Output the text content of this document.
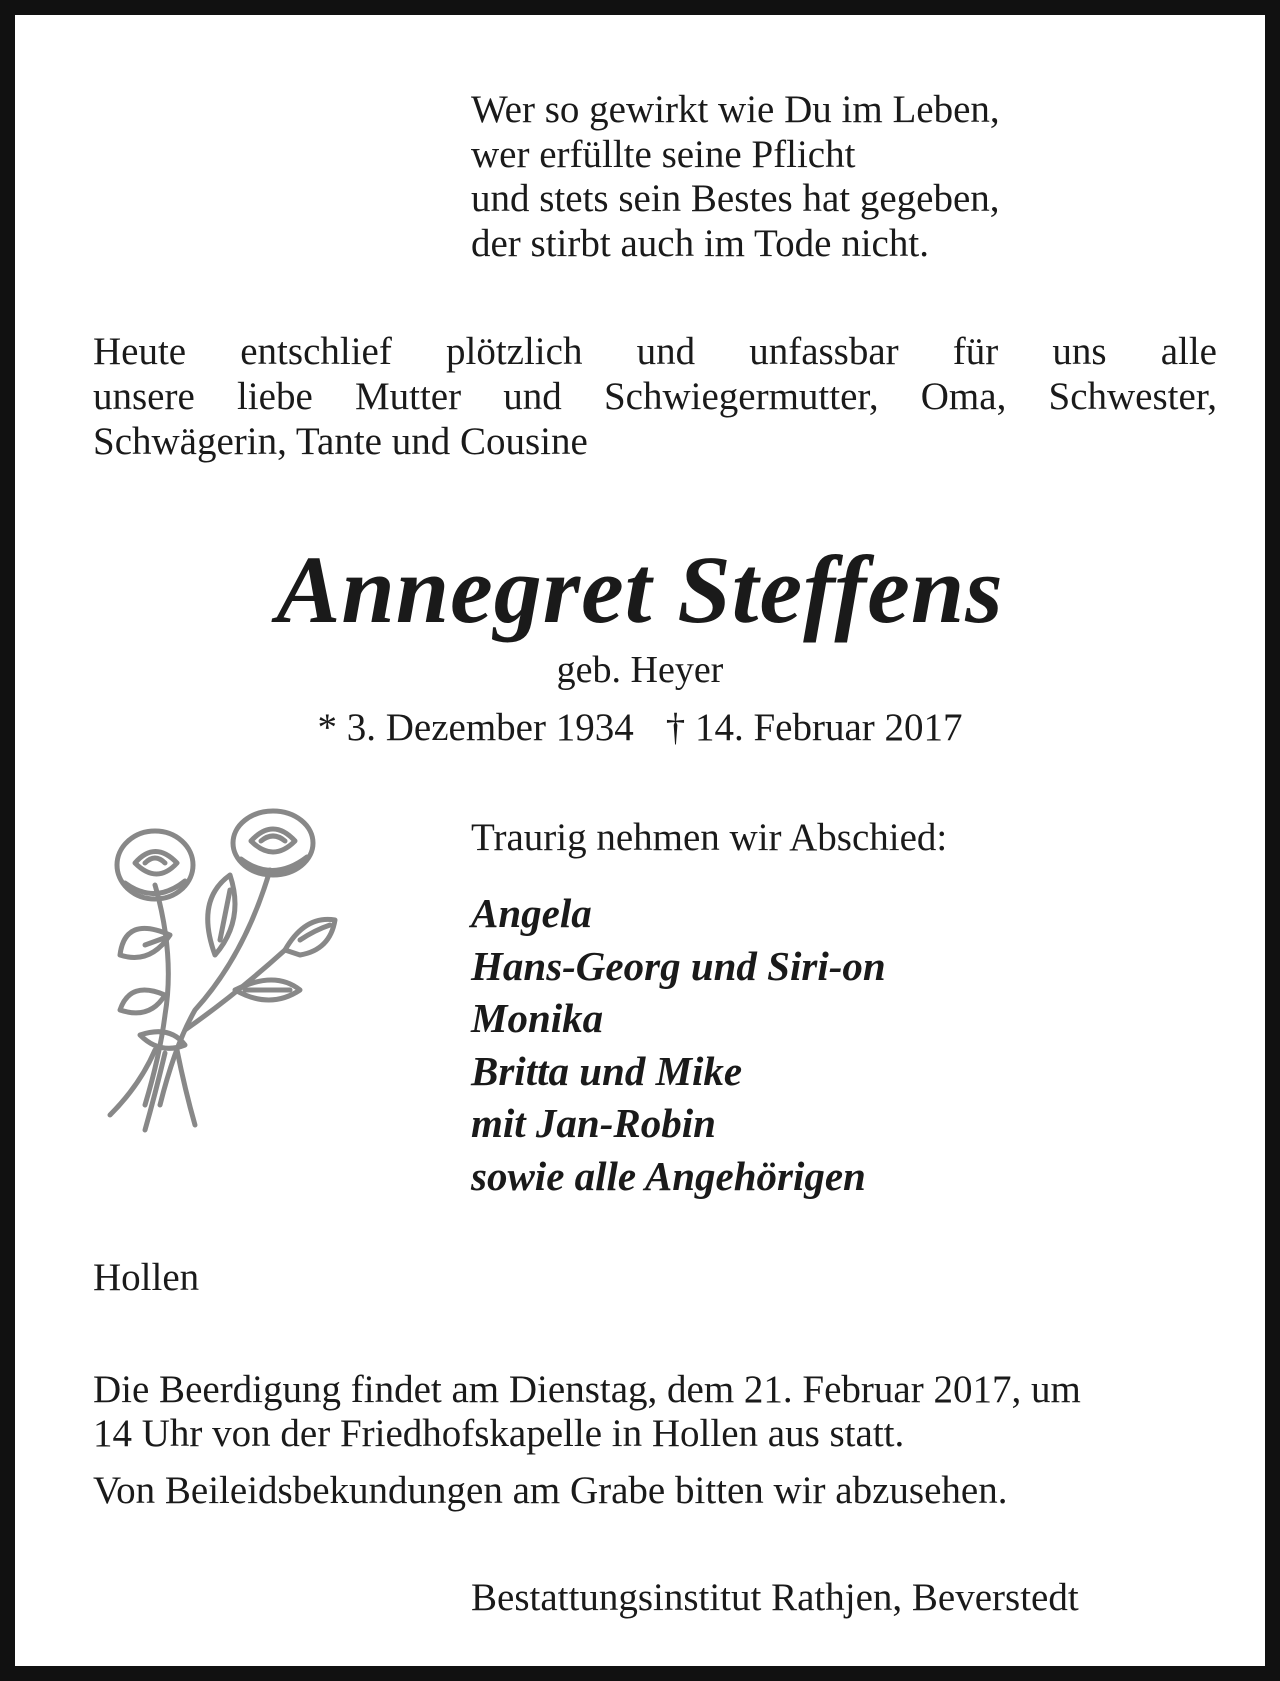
Wer so gewirkt wie Du im Leben,
wer erfüllte seine Pflicht
und stets sein Bestes hat gegeben,
der stirbt auch im Tode nicht.
Heute entschlief plötzlich und unfassbar für uns alle
unsere liebe Mutter und Schwiegermutter, Oma, Schwester,
Schwägerin, Tante und Cousine
Annegret Steffens
geb. Heyer
* 3. Dezember 1934 † 14. Februar 2017
Traurig nehmen wir Abschied:
Angela
Hans-Georg und Siri-on
Monika
Britta und Mike
mit Jan-Robin
sowie alle Angehörigen
Hollen
Die Beerdigung findet am Dienstag, dem 21. Februar 2017, um
14 Uhr von der Friedhofskapelle in Hollen aus statt.
Von Beileidsbekundungen am Grabe bitten wir abzusehen.
Bestattungsinstitut Rathjen, Beverstedt
